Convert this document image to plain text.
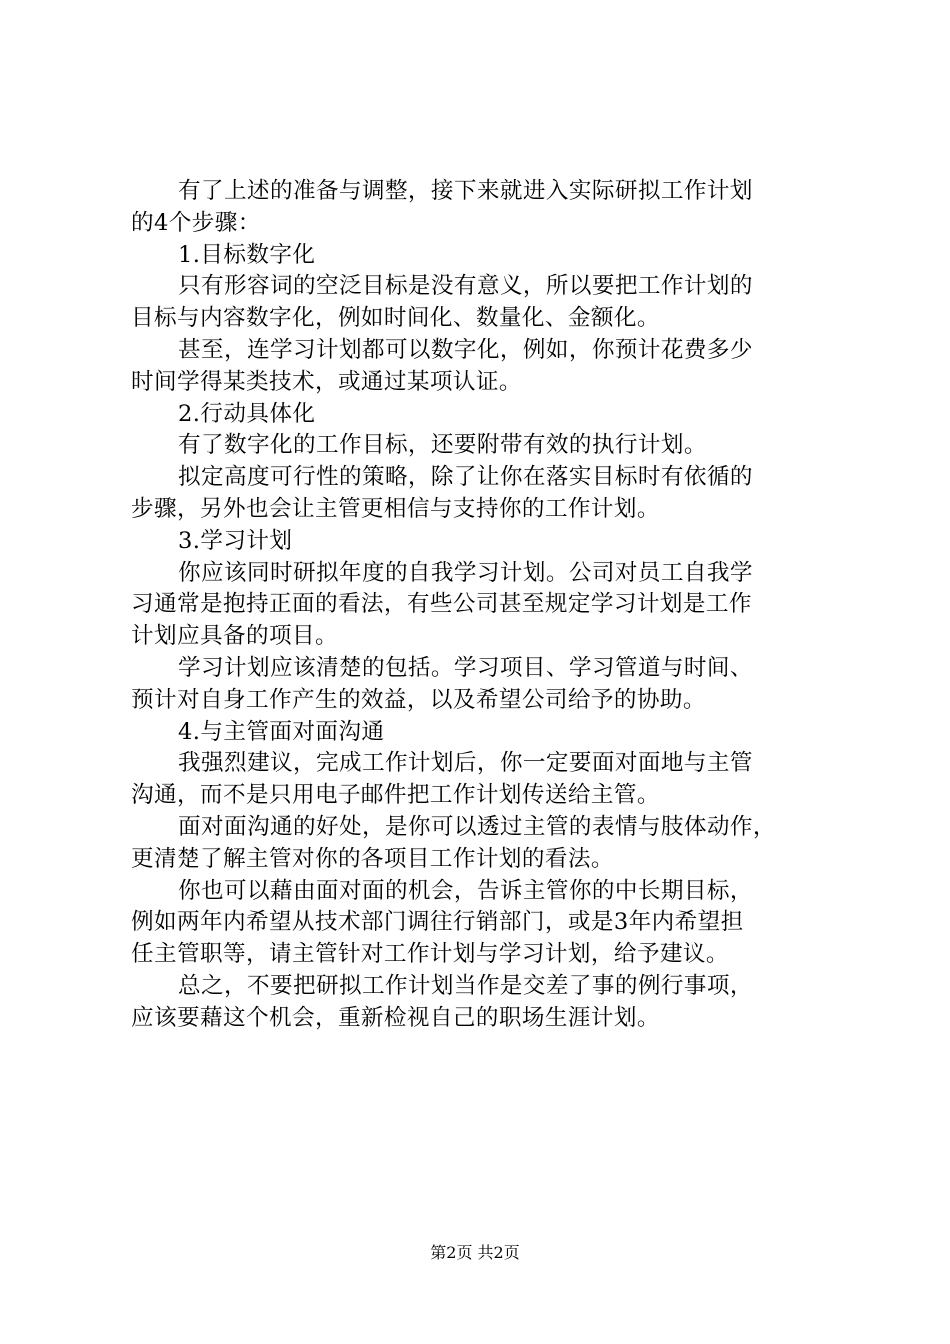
有了上述的准备与调整，接下来就进入实际研拟工作计划
的4个步骤：
1.目标数字化
只有形容词的空泛目标是没有意义，所以要把工作计划的
目标与内容数字化，例如时间化、数量化、金额化。
甚至，连学习计划都可以数字化，例如，你预计花费多少
时间学得某类技术，或通过某项认证。
2.行动具体化
有了数字化的工作目标，还要附带有效的执行计划。
拟定高度可行性的策略，除了让你在落实目标时有依循的
步骤，另外也会让主管更相信与支持你的工作计划。
3.学习计划
你应该同时研拟年度的自我学习计划。公司对员工自我学
习通常是抱持正面的看法，有些公司甚至规定学习计划是工作
计划应具备的项目。
学习计划应该清楚的包括。学习项目、学习管道与时间、
预计对自身工作产生的效益，以及希望公司给予的协助。
4.与主管面对面沟通
我强烈建议，完成工作计划后，你一定要面对面地与主管
沟通，而不是只用电子邮件把工作计划传送给主管。
面对面沟通的好处，是你可以透过主管的表情与肢体动作，
更清楚了解主管对你的各项目工作计划的看法。
你也可以藉由面对面的机会，告诉主管你的中长期目标，
例如两年内希望从技术部门调往行销部门，或是3年内希望担
任主管职等，请主管针对工作计划与学习计划，给予建议。
总之，不要把研拟工作计划当作是交差了事的例行事项，
应该要藉这个机会，重新检视自己的职场生涯计划。
第2页 共2页
